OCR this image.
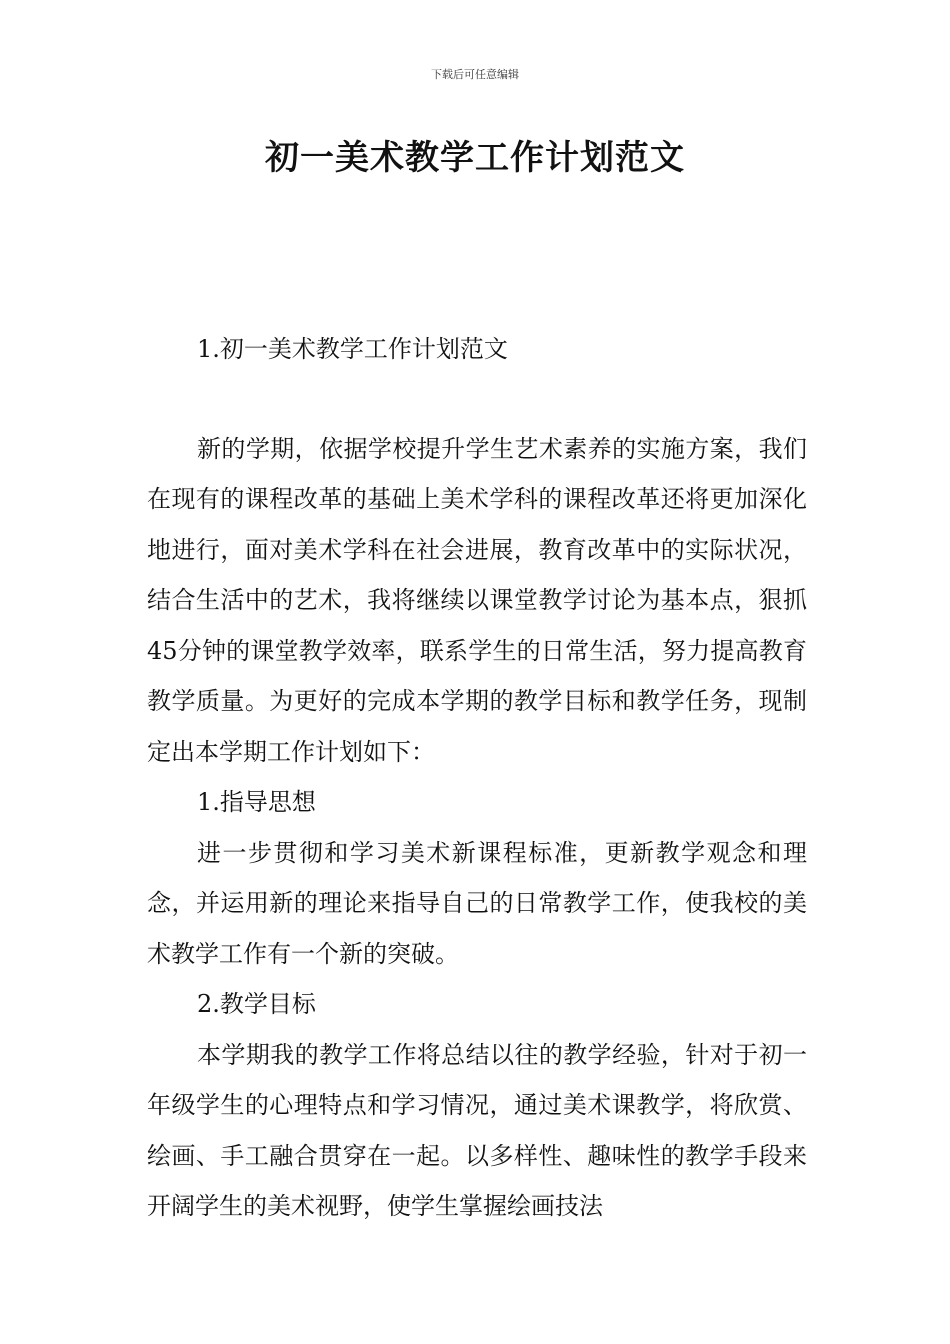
下载后可任意编辑
初一美术教学工作计划范文

1.初一美术教学工作计划范文

新的学期，依据学校提升学生艺术素养的实施方案，我们在现有的课程改革的基础上美术学科的课程改革还将更加深化地进行，面对美术学科在社会进展，教育改革中的实际状况，结合生活中的艺术，我将继续以课堂教学讨论为基本点，狠抓45分钟的课堂教学效率，联系学生的日常生活，努力提高教育教学质量。为更好的完成本学期的教学目标和教学任务，现制定出本学期工作计划如下：

1.指导思想

进一步贯彻和学习美术新课程标准，更新教学观念和理念，并运用新的理论来指导自己的日常教学工作，使我校的美术教学工作有一个新的突破。

2.教学目标

本学期我的教学工作将总结以往的教学经验，针对于初一年级学生的心理特点和学习情况，通过美术课教学，将欣赏、绘画、手工融合贯穿在一起。以多样性、趣味性的教学手段来开阔学生的美术视野，使学生掌握绘画技法
